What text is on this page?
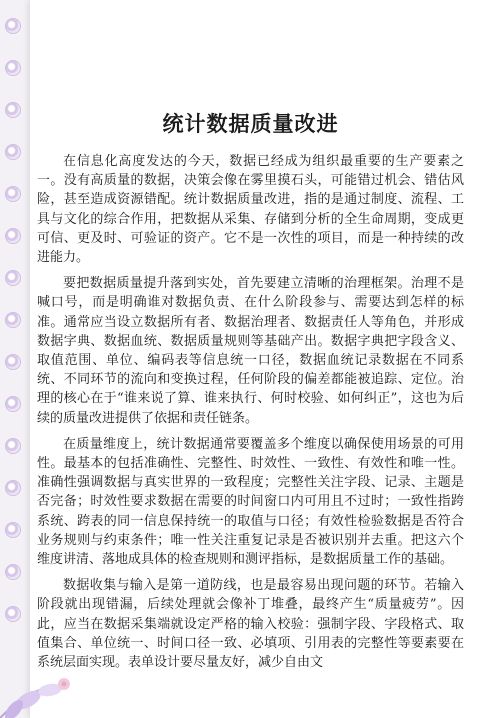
统计数据质量改进

在信息化高度发达的今天，数据已经成为组织最重要的生产要素之一。没有高质量的数据，决策会像在雾里摸石头，可能错过机会、错估风险，甚至造成资源错配。统计数据质量改进，指的是通过制度、流程、工具与文化的综合作用，把数据从采集、存储到分析的全生命周期，变成更可信、更及时、可验证的资产。它不是一次性的项目，而是一种持续的改进能力。

要把数据质量提升落到实处，首先要建立清晰的治理框架。治理不是喊口号，而是明确谁对数据负责、在什么阶段参与、需要达到怎样的标准。通常应当设立数据所有者、数据治理者、数据责任人等角色，并形成数据字典、数据血统、数据质量规则等基础产出。数据字典把字段含义、取值范围、单位、编码表等信息统一口径，数据血统记录数据在不同系统、不同环节的流向和变换过程，任何阶段的偏差都能被追踪、定位。治理的核心在于“谁来说了算、谁来执行、何时校验、如何纠正”，这也为后续的质量改进提供了依据和责任链条。

在质量维度上，统计数据通常要覆盖多个维度以确保使用场景的可用性。最基本的包括准确性、完整性、时效性、一致性、有效性和唯一性。准确性强调数据与真实世界的一致程度；完整性关注字段、记录、主题是否完备；时效性要求数据在需要的时间窗口内可用且不过时；一致性指跨系统、跨表的同一信息保持统一的取值与口径；有效性检验数据是否符合业务规则与约束条件；唯一性关注重复记录是否被识别并去重。把这六个维度讲清、落地成具体的检查规则和测评指标，是数据质量工作的基础。

数据收集与输入是第一道防线，也是最容易出现问题的环节。若输入阶段就出现错漏，后续处理就会像补丁堆叠，最终产生“质量疲劳”。因此，应当在数据采集端就设定严格的输入校验：强制字段、字段格式、取值集合、单位统一、时间口径一致、必填项、引用表的完整性等要素要在系统层面实现。表单设计要尽量友好，减少自由文
